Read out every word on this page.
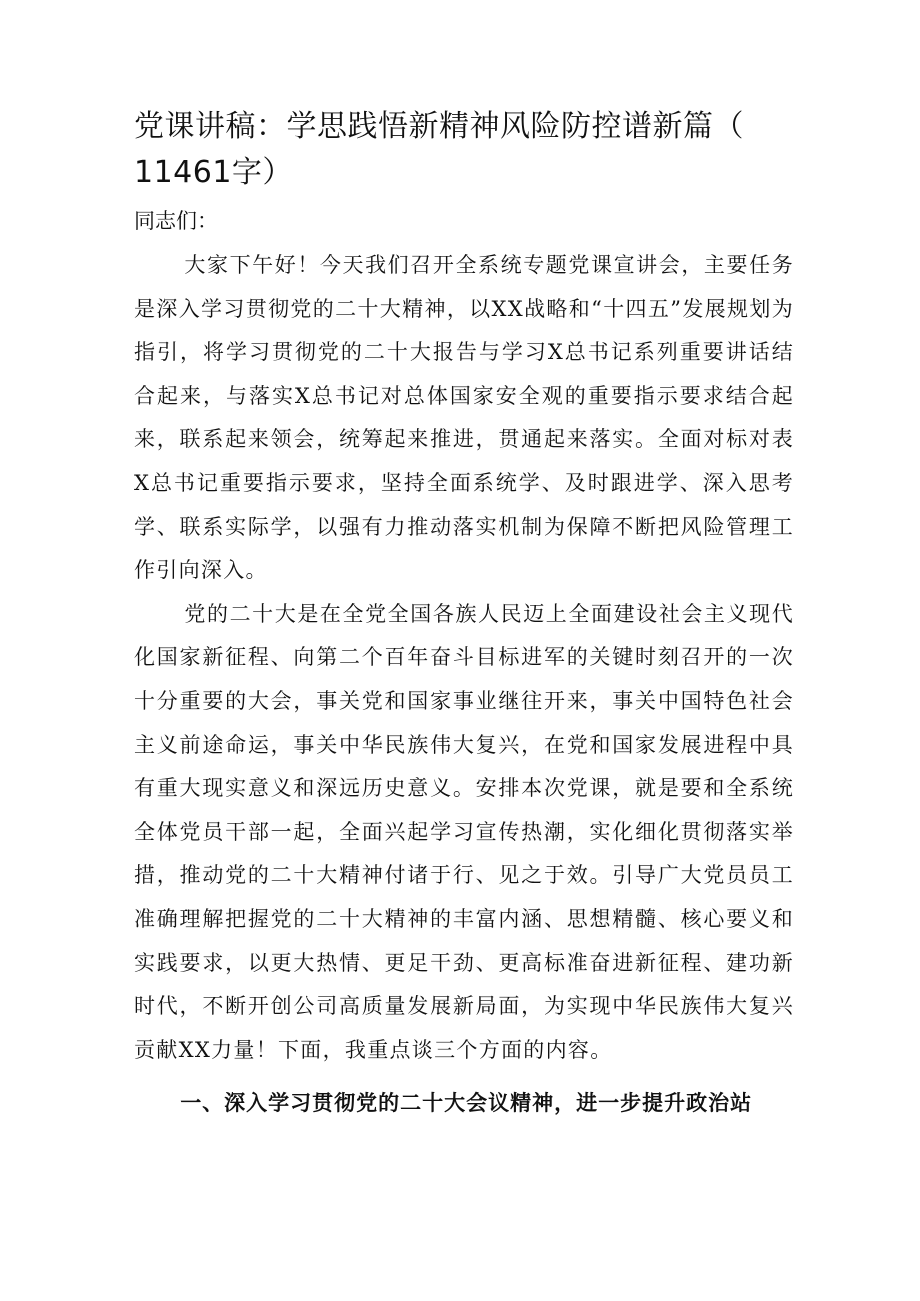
党课讲稿：学思践悟新精神风险防控谱新篇（ 11461字）

同志们：

大家下午好！今天我们召开全系统专题党课宣讲会，主要任务是深入学习贯彻党的二十大精神，以XX战略和“十四五”发展规划为指引，将学习贯彻党的二十大报告与学习X总书记系列重要讲话结合起来，与落实X总书记对总体国家安全观的重要指示要求结合起来，联系起来领会，统筹起来推进，贯通起来落实。全面对标对表X总书记重要指示要求，坚持全面系统学、及时跟进学、深入思考学、联系实际学，以强有力推动落实机制为保障不断把风险管理工作引向深入。

党的二十大是在全党全国各族人民迈上全面建设社会主义现代化国家新征程、向第二个百年奋斗目标进军的关键时刻召开的一次十分重要的大会，事关党和国家事业继往开来，事关中国特色社会主义前途命运，事关中华民族伟大复兴，在党和国家发展进程中具有重大现实意义和深远历史意义。安排本次党课，就是要和全系统全体党员干部一起，全面兴起学习宣传热潮，实化细化贯彻落实举措，推动党的二十大精神付诸于行、见之于效。引导广大党员员工准确理解把握党的二十大精神的丰富内涵、思想精髓、核心要义和实践要求，以更大热情、更足干劲、更高标准奋进新征程、建功新时代，不断开创公司高质量发展新局面，为实现中华民族伟大复兴贡献XX力量！下面，我重点谈三个方面的内容。

一、深入学习贯彻党的二十大会议精神，进一步提升政治站
